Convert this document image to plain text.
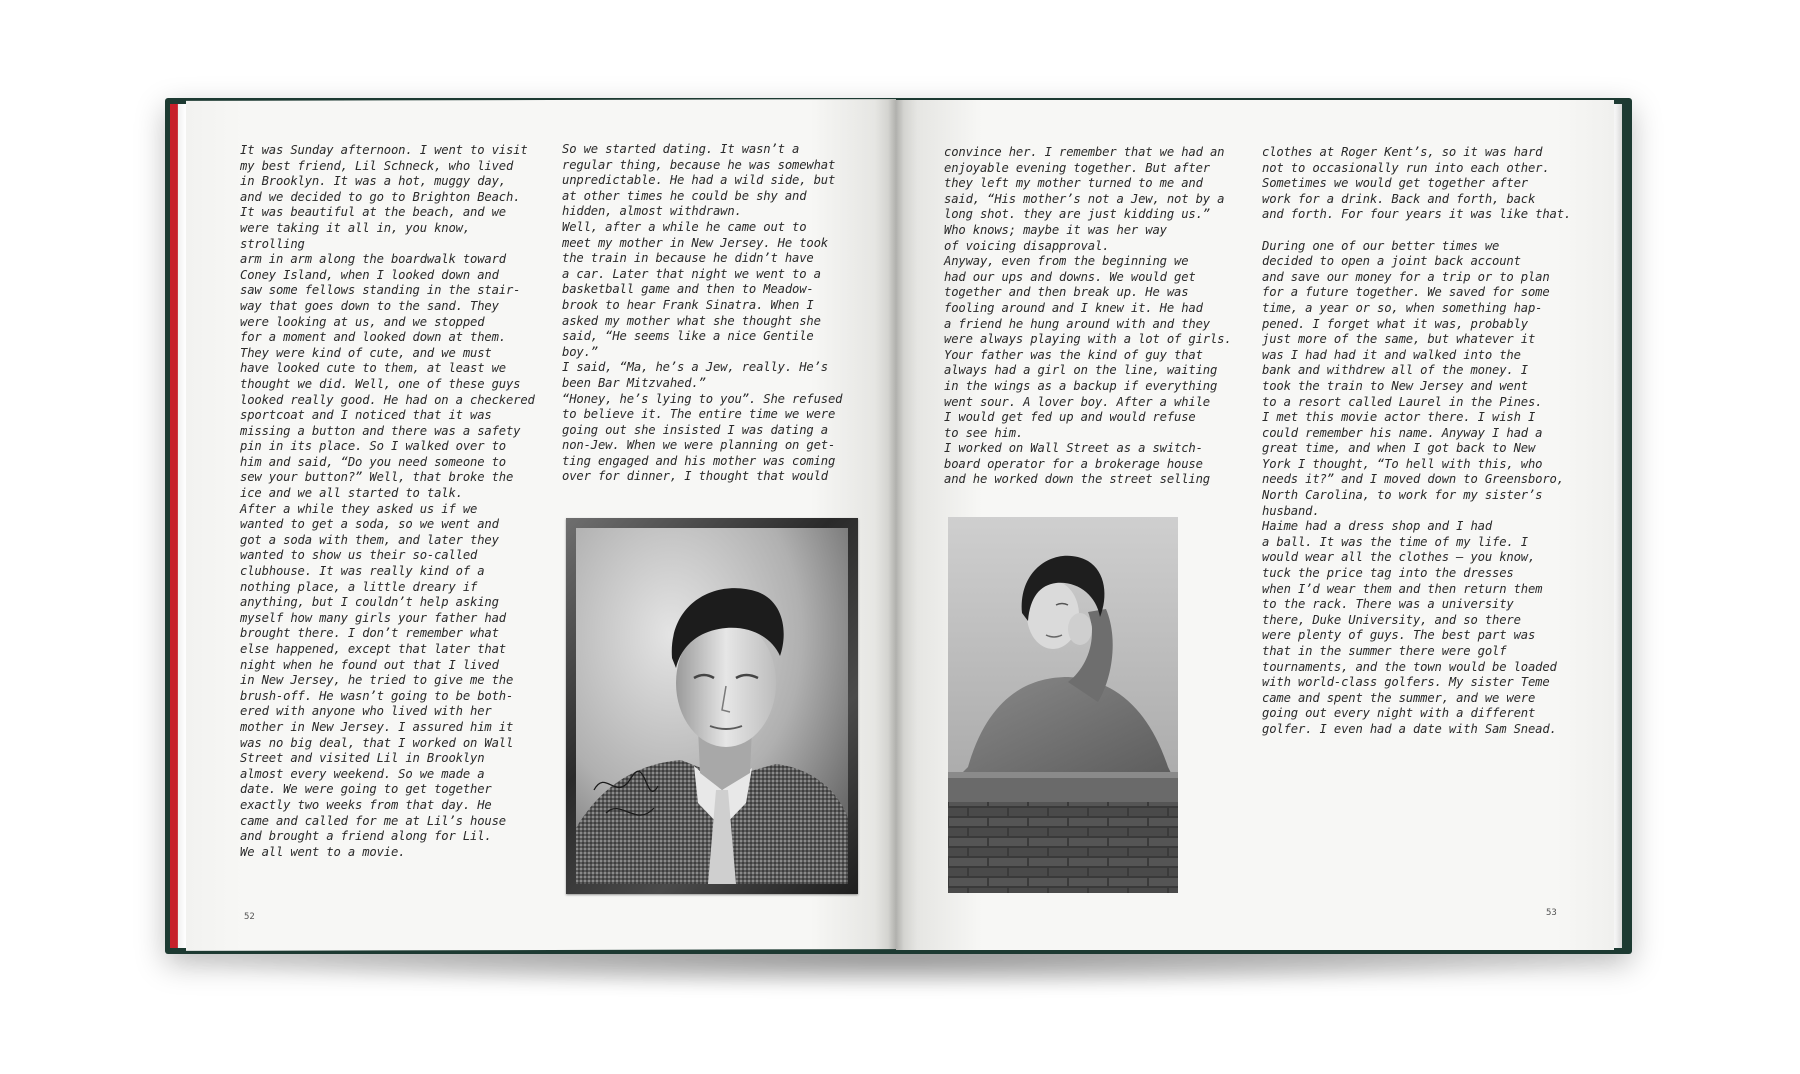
It was Sunday afternoon. I went to visit
my best friend, Lil Schneck, who lived
in Brooklyn. It was a hot, muggy day,
and we decided to go to Brighton Beach.
It was beautiful at the beach, and we
were taking it all in, you know, strolling
arm in arm along the boardwalk toward
Coney Island, when I looked down and
saw some fellows standing in the stair-
way that goes down to the sand. They
were looking at us, and we stopped
for a moment and looked down at them.
They were kind of cute, and we must
have looked cute to them, at least we
thought we did. Well, one of these guys
looked really good. He had on a checkered
sportcoat and I noticed that it was
missing a button and there was a safety
pin in its place. So I walked over to
him and said, “Do you need someone to
sew your button?” Well, that broke the
ice and we all started to talk.
After a while they asked us if we
wanted to get a soda, so we went and
got a soda with them, and later they
wanted to show us their so-called
clubhouse. It was really kind of a
nothing place, a little dreary if
anything, but I couldn’t help asking
myself how many girls your father had
brought there. I don’t remember what
else happened, except that later that
night when he found out that I lived
in New Jersey, he tried to give me the
brush-off. He wasn’t going to be both-
ered with anyone who lived with her
mother in New Jersey. I assured him it
was no big deal, that I worked on Wall
Street and visited Lil in Brooklyn
almost every weekend. So we made a
date. We were going to get together
exactly two weeks from that day. He
came and called for me at Lil’s house
and brought a friend along for Lil.
We all went to a movie.
So we started dating. It wasn’t a
regular thing, because he was somewhat
unpredictable. He had a wild side, but
at other times he could be shy and
hidden, almost withdrawn.
Well, after a while he came out to
meet my mother in New Jersey. He took
the train in because he didn’t have
a car. Later that night we went to a
basketball game and then to Meadow-
brook to hear Frank Sinatra. When I
asked my mother what she thought she
said, “He seems like a nice Gentile
boy.”
I said, “Ma, he’s a Jew, really. He’s
been Bar Mitzvahed.”
“Honey, he’s lying to you”. She refused
to believe it. The entire time we were
going out she insisted I was dating a
non-Jew. When we were planning on get-
ting engaged and his mother was coming
over for dinner, I thought that would
convince her. I remember that we had an
enjoyable evening together. But after
they left my mother turned to me and
said, “His mother’s not a Jew, not by a
long shot. they are just kidding us.”
Who knows; maybe it was her way
of voicing disapproval.
Anyway, even from the beginning we
had our ups and downs. We would get
together and then break up. He was
fooling around and I knew it. He had
a friend he hung around with and they
were always playing with a lot of girls.
Your father was the kind of guy that
always had a girl on the line, waiting
in the wings as a backup if everything
went sour. A lover boy. After a while
I would get fed up and would refuse
to see him.
I worked on Wall Street as a switch-
board operator for a brokerage house
and he worked down the street selling
clothes at Roger Kent’s, so it was hard
not to occasionally run into each other.
Sometimes we would get together after
work for a drink. Back and forth, back
and forth. For four years it was like that.

During one of our better times we
decided to open a joint back account
and save our money for a trip or to plan
for a future together. We saved for some
time, a year or so, when something hap-
pened. I forget what it was, probably
just more of the same, but whatever it
was I had had it and walked into the
bank and withdrew all of the money. I
took the train to New Jersey and went
to a resort called Laurel in the Pines.
I met this movie actor there. I wish I
could remember his name. Anyway I had a
great time, and when I got back to New
York I thought, “To hell with this, who
needs it?” and I moved down to Greensboro,
North Carolina, to work for my sister’s
husband.
Haime had a dress shop and I had
a ball. It was the time of my life. I
would wear all the clothes – you know,
tuck the price tag into the dresses
when I’d wear them and then return them
to the rack. There was a university
there, Duke University, and so there
were plenty of guys. The best part was
that in the summer there were golf
tournaments, and the town would be loaded
with world-class golfers. My sister Teme
came and spent the summer, and we were
going out every night with a different
golfer. I even had a date with Sam Snead.
52	53
